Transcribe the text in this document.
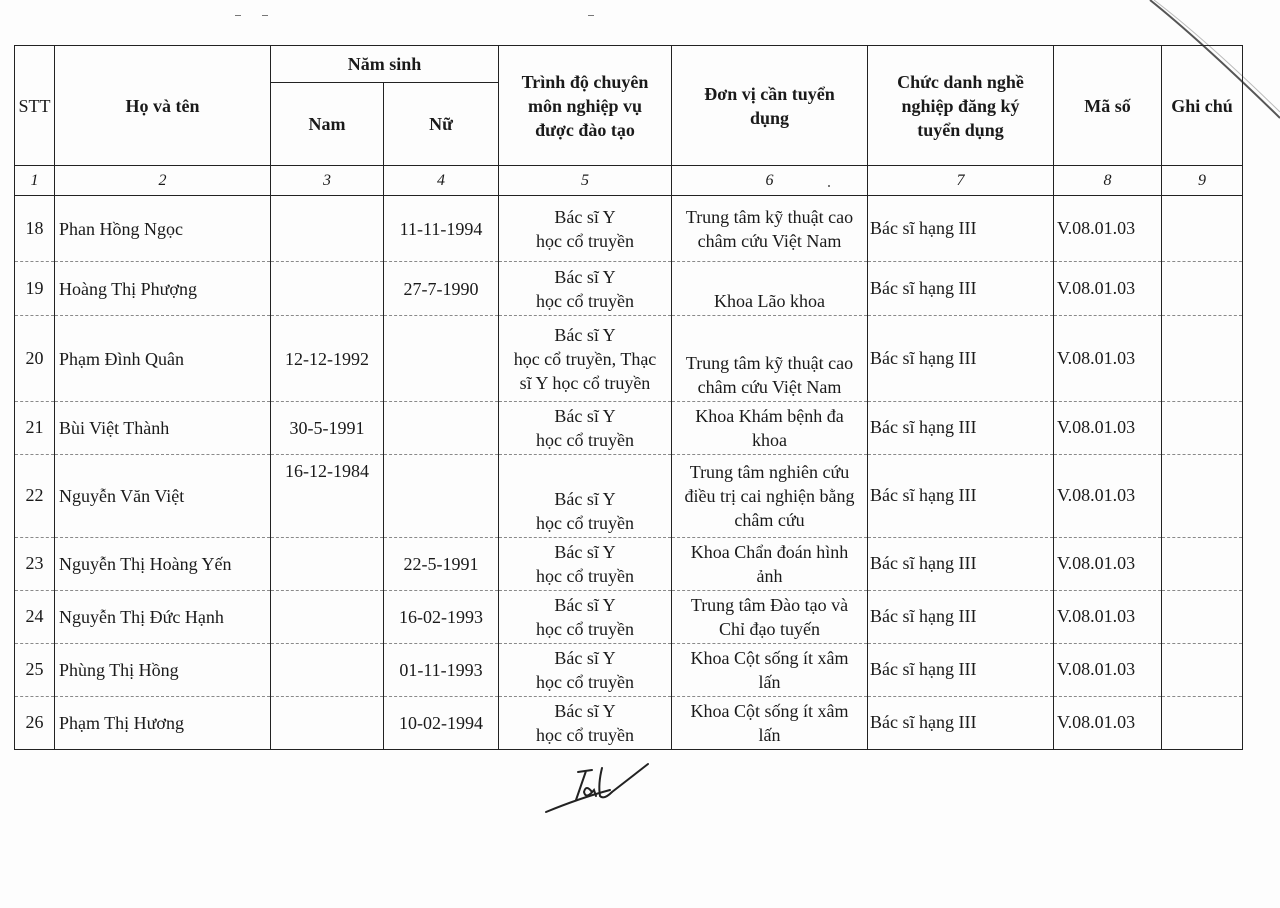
STT	Họ và tên	Năm sinh		Trình độ chuyên môn nghiệp vụ được đào tạo	Đơn vị cần tuyển dụng	Chức danh nghề nghiệp đăng ký tuyển dụng	Mã số	Ghi chú
		Nam	Nữ					
1	2	3	4	5	6	7	8	9
18	Phan Hồng Ngọc		11-11-1994	Bác sĩ Y
học cổ truyền	Trung tâm kỹ thuật cao
châm cứu Việt Nam	Bác sĩ hạng III	V.08.01.03	
19	Hoàng Thị Phượng		27-7-1990	Bác sĩ Y
học cổ truyền	Khoa Lão khoa	Bác sĩ hạng III	V.08.01.03	
20	Phạm Đình Quân	12-12-1992		Bác sĩ Y
học cổ truyền, Thạc
sĩ Y học cổ truyền	Trung tâm kỹ thuật cao
châm cứu Việt Nam	Bác sĩ hạng III	V.08.01.03	
21	Bùi Việt Thành	30-5-1991		Bác sĩ Y
học cổ truyền	Khoa Khám bệnh đa
khoa	Bác sĩ hạng III	V.08.01.03	
22	Nguyễn Văn Việt	16-12-1984		Bác sĩ Y
học cổ truyền	Trung tâm nghiên cứu
điều trị cai nghiện bằng
châm cứu	Bác sĩ hạng III	V.08.01.03	
23	Nguyễn Thị Hoàng Yến		22-5-1991	Bác sĩ Y
học cổ truyền	Khoa Chẩn đoán hình
ảnh	Bác sĩ hạng III	V.08.01.03	
24	Nguyễn Thị Đức Hạnh		16-02-1993	Bác sĩ Y
học cổ truyền	Trung tâm Đào tạo và
Chỉ đạo tuyến	Bác sĩ hạng III	V.08.01.03	
25	Phùng Thị Hồng		01-11-1993	Bác sĩ Y
học cổ truyền	Khoa Cột sống ít xâm
lấn	Bác sĩ hạng III	V.08.01.03	
26	Phạm Thị Hương		10-02-1994	Bác sĩ Y
học cổ truyền	Khoa Cột sống ít xâm
lấn	Bác sĩ hạng III	V.08.01.03	
